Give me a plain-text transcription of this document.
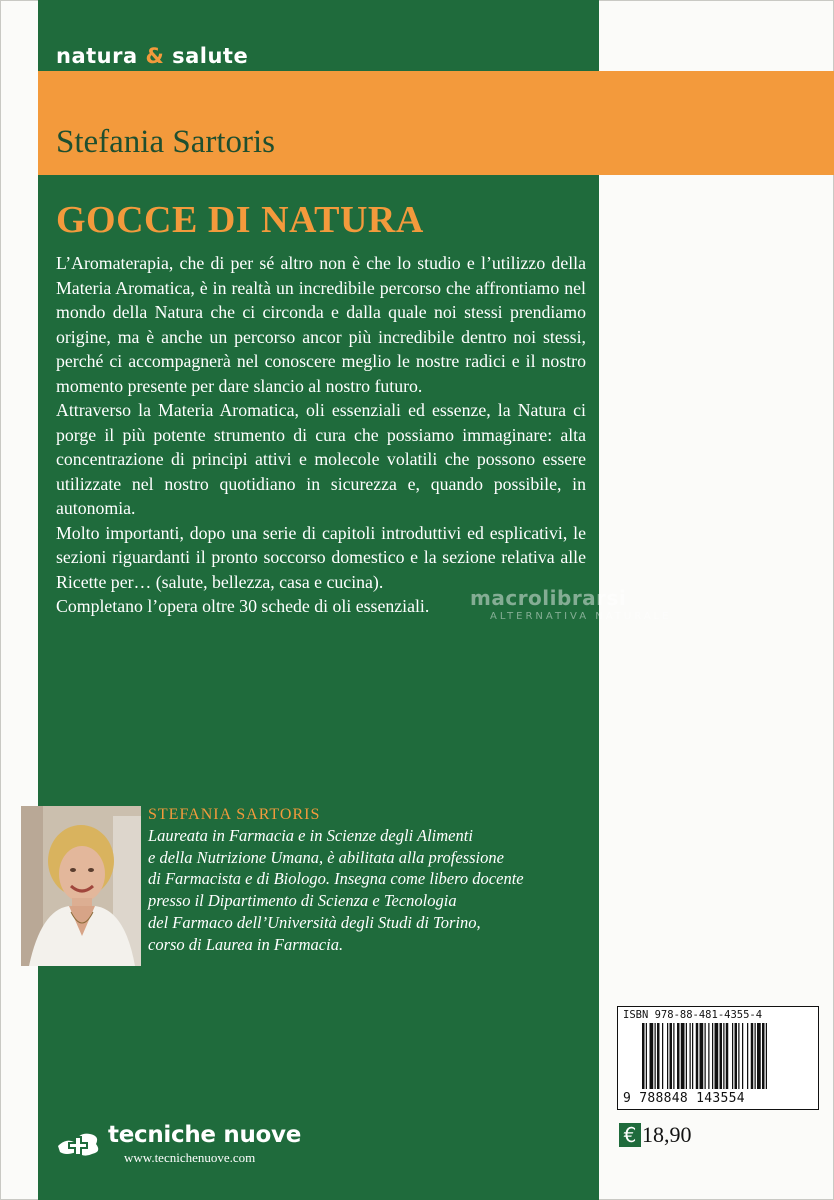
natura & salute
Stefania Sartoris
GOCCE DI NATURA

L’Aromaterapia, che di per sé altro non è che lo studio e l’utilizzo della Materia Aromatica, è in realtà un incredibile percorso che affrontiamo nel mondo della Natura che ci circonda e dalla quale noi stessi prendiamo origine, ma è anche un percorso ancor più incredibile dentro noi stessi, perché ci accompagnerà nel conoscere meglio le nostre radici e il nostro momento presente per dare slancio al nostro futuro.

Attraverso la Materia Aromatica, oli essenziali ed essenze, la Natura ci porge il più potente strumento di cura che possiamo immaginare: alta concentrazione di principi attivi e molecole volatili che possono essere utilizzate nel nostro quotidiano in sicurezza e, quando possibile, in autonomia.

Molto importanti, dopo una serie di capitoli introduttivi ed esplicativi, le sezioni riguardanti il pronto soccorso domestico e la sezione relativa alle Ricette per… (salute, bellezza, casa e cucina).

Completano l’opera oltre 30 schede di oli essenziali.	macrolibrarsi
ALTERNATIVA NATURALE
STEFANIA SARTORIS
Laureata in Farmacia e in Scienze degli Alimenti
e della Nutrizione Umana, è abilitata alla professione
di Farmacista e di Biologo. Insegna come libero docente
presso il Dipartimento di Scienza e Tecnologia
del Farmaco dell’Università degli Studi di Torino,
corso di Laurea in Farmacia.
tecniche nuove
www.tecnichenuove.com
ISBN 978-88-481-4355-4
9 788848 143554
€ 18,90
